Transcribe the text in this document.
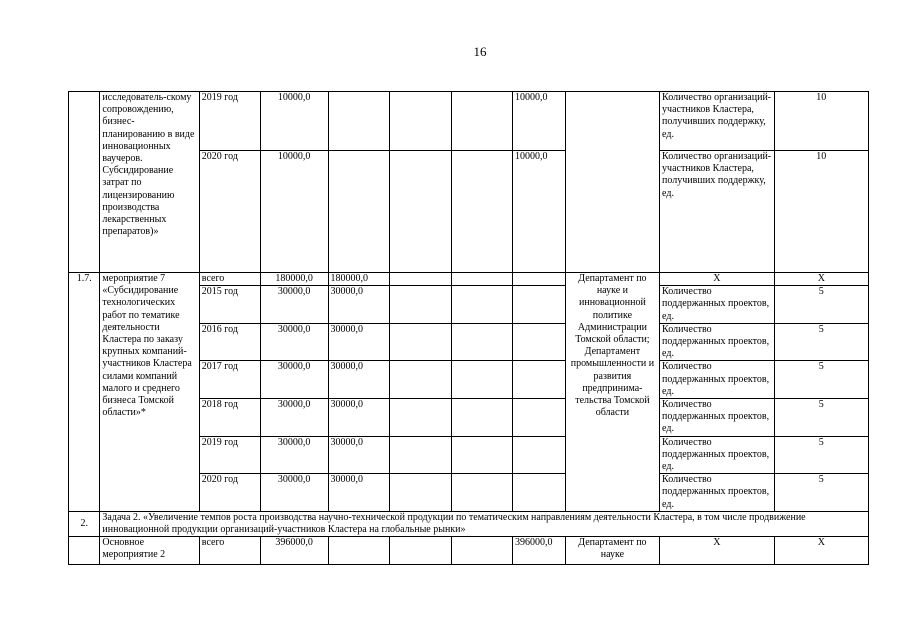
16
	исследователь-скому сопровождению, бизнес-планированию в виде инновационных ваучеров. Субсидирование затрат по лицензированию производства лекарственных препаратов)»	2019 год	10000,0				10000,0		Количество организаций-участников Кластера, получивших поддержку, ед.	10
		2020 год	10000,0				10000,0		Количество организаций-участников Кластера, получивших поддержку, ед.	10
1.7.	мероприятие 7 «Субсидирование технологических работ по тематике деятельности Кластера по заказу крупных компаний-участников Кластера силами компаний малого и среднего бизнеса Томской области»*	всего	180000,0	180000,0				Департамент по науке и инновационной политике Администрации Томской области; Департамент промышленности и развития предпринима-тельства Томской области	Х	Х
		2015 год	30000,0	30000,0					Количество поддержанных проектов, ед.	5
		2016 год	30000,0	30000,0					Количество поддержанных проектов, ед.	5
		2017 год	30000,0	30000,0					Количество поддержанных проектов, ед.	5
		2018 год	30000,0	30000,0					Количество поддержанных проектов, ед.	5
		2019 год	30000,0	30000,0					Количество поддержанных проектов, ед.	5
		2020 год	30000,0	30000,0					Количество поддержанных проектов, ед.	5
2.	Задача 2. «Увеличение темпов роста производства научно-технической продукции по тематическим направлениям деятельности Кластера, в том числе продвижение инновационной продукции организаций-участников Кластера на глобальные рынки»									
	Основное мероприятие 2	всего	396000,0				396000,0	Департамент по науке	Х	Х
